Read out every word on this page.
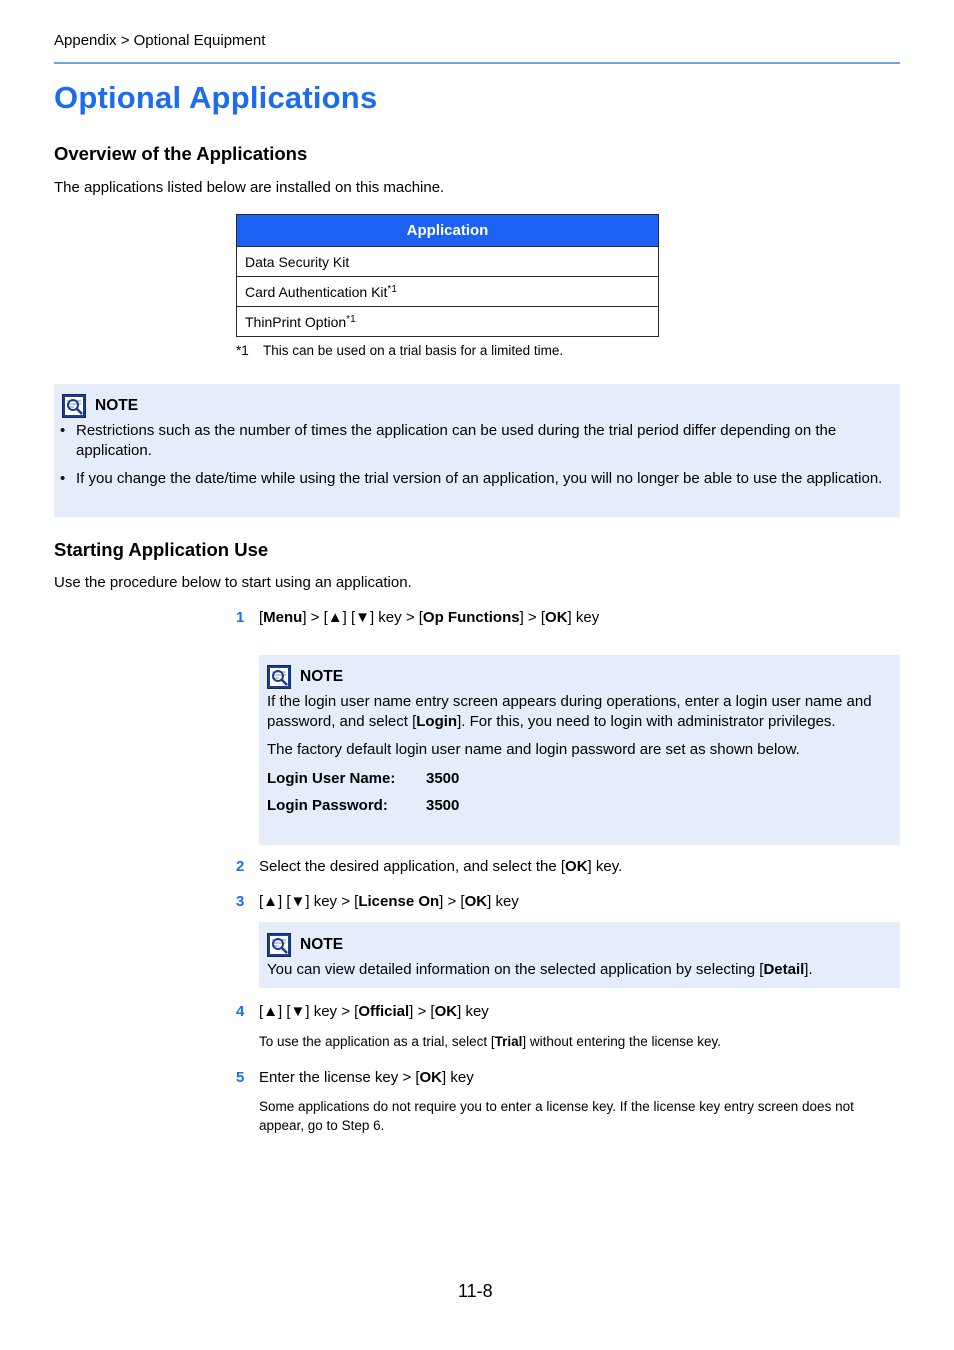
Appendix > Optional Equipment
Optional Applications
Overview of the Applications
The applications listed below are installed on this machine.
Application
Data Security Kit
Card Authentication Kit$^{*1}$
ThinPrint Option$^{*1}$
*1 This can be used on a trial basis for a limited time.
NOTE
• Restrictions such as the number of times the application can be used during the trial period differ depending on the application.
• If you change the date/time while using the trial version of an application, you will no longer be able to use the application.
Starting Application Use
Use the procedure below to start using an application.
1 [Menu] > [▲] [▼] key > [Op Functions] > [OK] key
NOTE
If the login user name entry screen appears during operations, enter a login user name and password, and select [Login]. For this, you need to login with administrator privileges.
The factory default login user name and login password are set as shown below.
Login User Name:	3500
Login Password:	3500
2 Select the desired application, and select the [OK] key.
3 [▲] [▼] key > [License On] > [OK] key
NOTE
You can view detailed information on the selected application by selecting [Detail].
4 [▲] [▼] key > [Official] > [OK] key
To use the application as a trial, select [Trial] without entering the license key.
5 Enter the license key > [OK] key
Some applications do not require you to enter a license key. If the license key entry screen does not appear, go to Step 6.
11-8
